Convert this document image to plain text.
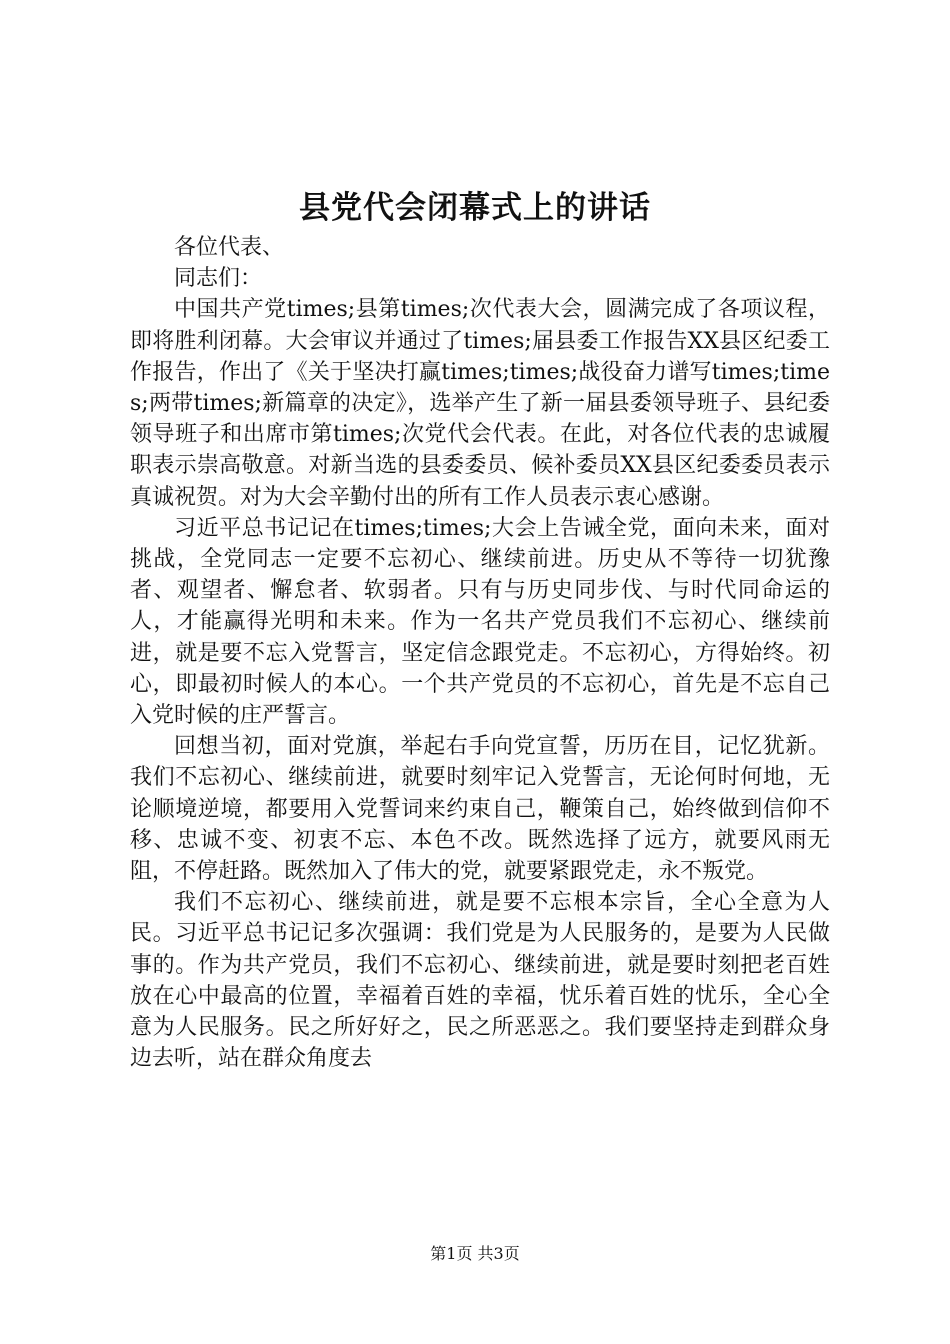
县党代会闭幕式上的讲话

各位代表、

同志们：

中国共产党times;县第times;次代表大会，圆满完成了各项议程，即将胜利闭幕。大会审议并通过了times;届县委工作报告XX县区纪委工作报告，作出了《关于坚决打赢times;times;战役奋力谱写times;times;两带times;新篇章的决定》，选举产生了新一届县委领导班子、县纪委领导班子和出席市第times;次党代会代表。在此，对各位代表的忠诚履职表示崇高敬意。对新当选的县委委员、候补委员XX县区纪委委员表示真诚祝贺。对为大会辛勤付出的所有工作人员表示衷心感谢。

习近平总书记记在times;times;大会上告诫全党，面向未来，面对挑战，全党同志一定要不忘初心、继续前进。历史从不等待一切犹豫者、观望者、懈怠者、软弱者。只有与历史同步伐、与时代同命运的人，才能赢得光明和未来。作为一名共产党员我们不忘初心、继续前进，就是要不忘入党誓言，坚定信念跟党走。不忘初心，方得始终。初心，即最初时候人的本心。一个共产党员的不忘初心，首先是不忘自己入党时候的庄严誓言。

回想当初，面对党旗，举起右手向党宣誓，历历在目，记忆犹新。我们不忘初心、继续前进，就要时刻牢记入党誓言，无论何时何地，无论顺境逆境，都要用入党誓词来约束自己，鞭策自己，始终做到信仰不移、忠诚不变、初衷不忘、本色不改。既然选择了远方，就要风雨无阻，不停赶路。既然加入了伟大的党，就要紧跟党走，永不叛党。

我们不忘初心、继续前进，就是要不忘根本宗旨，全心全意为人民。习近平总书记记多次强调：我们党是为人民服务的，是要为人民做事的。作为共产党员，我们不忘初心、继续前进，就是要时刻把老百姓放在心中最高的位置，幸福着百姓的幸福，忧乐着百姓的忧乐，全心全意为人民服务。民之所好好之，民之所恶恶之。我们要坚持走到群众身边去听，站在群众角度去

第1页 共3页
